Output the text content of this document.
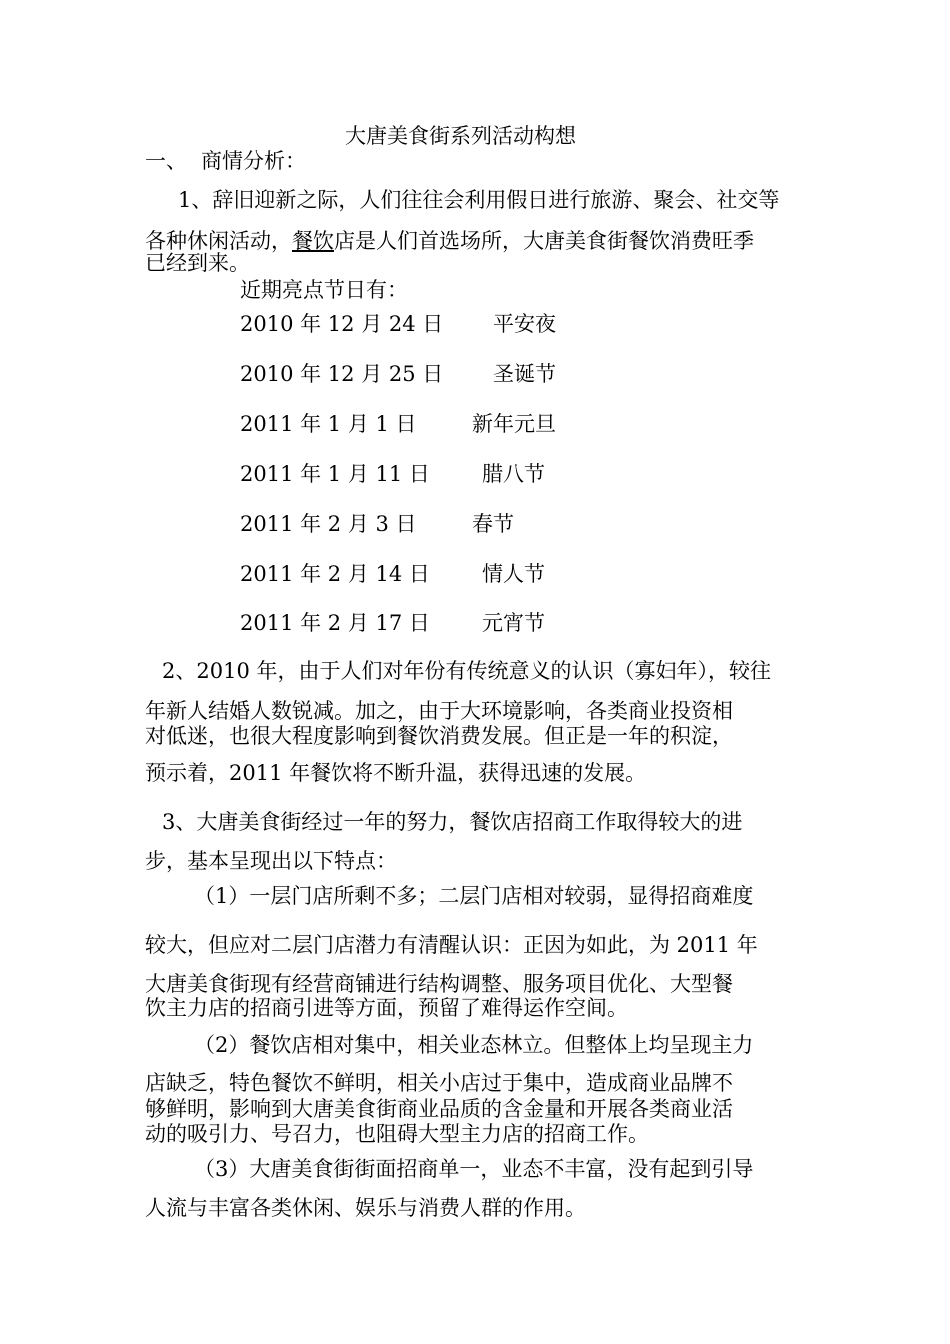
大唐美食街系列活动构想
一、 商情分析：
1、辞旧迎新之际，人们往往会利用假日进行旅游、聚会、社交等
各种休闲活动，餐饮店是人们首选场所，大唐美食街餐饮消费旺季
已经到来。
近期亮点节日有：
2010 年 12 月 24 日 平安夜
2010 年 12 月 25 日 圣诞节
2011 年 1 月 1 日	新年元旦
2011 年 1 月 11 日 腊八节
2011 年 2 月 3 日	春节
2011 年 2 月 14 日 情人节
2011 年 2 月 17 日 元宵节
2、2010 年，由于人们对年份有传统意义的认识（寡妇年），较往
年新人结婚人数锐减。加之，由于大环境影响，各类商业投资相
对低迷，也很大程度影响到餐饮消费发展。但正是一年的积淀，
预示着，2011 年餐饮将不断升温，获得迅速的发展。
3、大唐美食街经过一年的努力，餐饮店招商工作取得较大的进
步，基本呈现出以下特点：
（1）一层门店所剩不多；二层门店相对较弱，显得招商难度
较大，但应对二层门店潜力有清醒认识：正因为如此，为 2011 年
大唐美食街现有经营商铺进行结构调整、服务项目优化、大型餐
饮主力店的招商引进等方面，预留了难得运作空间。
（2）餐饮店相对集中，相关业态林立。但整体上均呈现主力
店缺乏，特色餐饮不鲜明，相关小店过于集中，造成商业品牌不
够鲜明，影响到大唐美食街商业品质的含金量和开展各类商业活
动的吸引力、号召力，也阻碍大型主力店的招商工作。
（3）大唐美食街街面招商单一，业态不丰富，没有起到引导
人流与丰富各类休闲、娱乐与消费人群的作用。
